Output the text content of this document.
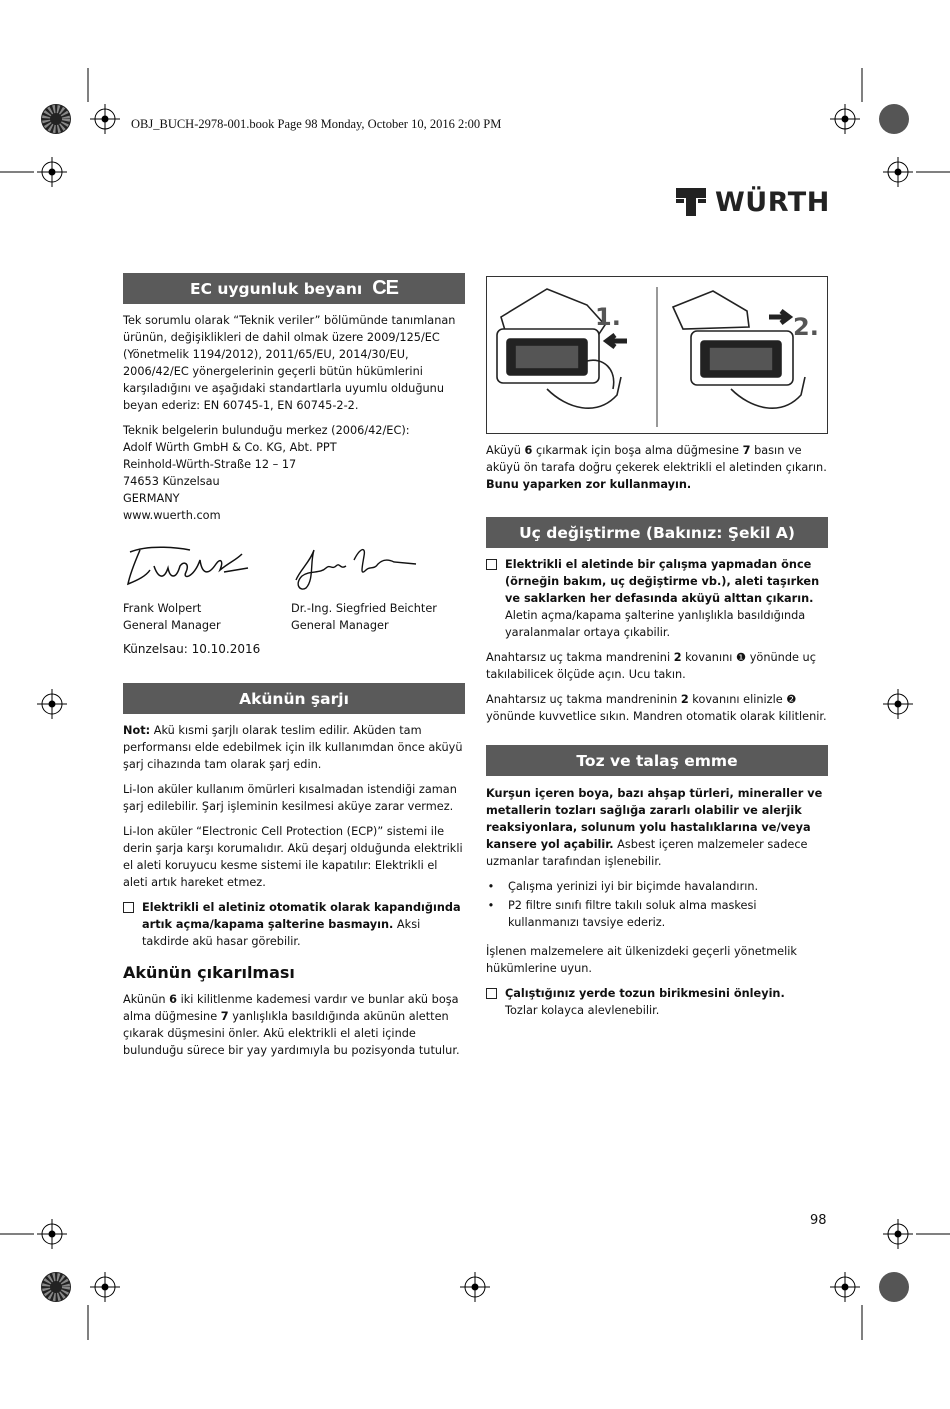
OBJ_BUCH-2978-001.book Page 98 Monday, October 10, 2016 2:00 PM
WÜRTH
EC uygunluk beyanı CE

Tek sorumlu olarak “Teknik veriler” bölümünde tanımlanan ürünün, değişiklikleri de dahil olmak üzere 2009/125/EC (Yönetmelik 1194/2012), 2011/65/EU, 2014/30/EU, 2006/42/EC yönergelerinin geçerli bütün hükümlerini karşıladığını ve aşağıdaki standartlarla uyumlu olduğunu beyan ederiz: EN 60745-1, EN 60745-2-2.

Teknik belgelerin bulunduğu merkez (2006/42/EC):
Adolf Würth GmbH & Co. KG, Abt. PPT
Reinhold-Würth-Straße 12 – 17
74653 Künzelsau
GERMANY
www.wuerth.com
Frank Wolpert
General Manager
Dr.-Ing. Siegfried Beichter
General Manager
Künzelsau: 10.10.2016
Akünün şarjı

Not: Akü kısmi şarjlı olarak teslim edilir. Aküden tam performansı elde edebilmek için ilk kullanımdan önce aküyü şarj cihazında tam olarak şarj edin.

Li-Ion aküler kullanım ömürleri kısalmadan istendiği zaman şarj edilebilir. Şarj işleminin kesilmesi aküye zarar vermez.

Li-Ion aküler “Electronic Cell Protection (ECP)” sistemi ile derin şarja karşı korumalıdır. Akü deşarj olduğunda elektrikli el aleti koruyucu kesme sistemi ile kapatılır: Elektrikli el aleti artık hareket etmez.

Elektrikli el aletiniz otomatik olarak kapandığında artık açma/kapama şalterine basmayın. Aksi takdirde akü hasar görebilir.
Akünün çıkarılması

Akünün 6 iki kilitlenme kademesi vardır ve bunlar akü boşa alma düğmesine 7 yanlışlıkla basıldığında akünün aletten çıkarak düşmesini önler. Akü elektrikli el aleti içinde bulunduğu sürece bir yay yardımıyla bu pozisyonda tutulur.

1.	2.

Aküyü 6 çıkarmak için boşa alma düğmesine 7 basın ve aküyü ön tarafa doğru çekerek elektrikli el aletinden çıkarın. Bunu yaparken zor kullanmayın.

Uç değiştirme (Bakınız: Şekil A)
Elektrikli el aletinde bir çalışma yapmadan önce (örneğin bakım, uç değiştirme vb.), aleti taşırken ve saklarken her defasında aküyü alttan çıkarın. Aletin açma/kapama şalterine yanlışlıkla basıldığında yaralanmalar ortaya çıkabilir.

Anahtarsız uç takma mandrenini 2 kovanını ❶ yönünde uç takılabilicek ölçüde açın. Ucu takın.

Anahtarsız uç takma mandreninin 2 kovanını elinizle ❷ yönünde kuvvetlice sıkın. Mandren otomatik olarak kilitlenir.

Toz ve talaş emme

Kurşun içeren boya, bazı ahşap türleri, mineraller ve metallerin tozları sağlığa zararlı olabilir ve alerjik reaksiyonlara, solunum yolu hastalıklarına ve/veya kansere yol açabilir. Asbest içeren malzemeler sadece uzmanlar tarafından işlenebilir.

• Çalışma yerinizi iyi bir biçimde havalandırın.
• P2 filtre sınıfı filtre takılı soluk alma maskesi kullanmanızı tavsiye ederiz.

İşlenen malzemelere ait ülkenizdeki geçerli yönetmelik hükümlerine uyun.

Çalıştığınız yerde tozun birikmesini önleyin.
Tozlar kolayca alevlenebilir.
98
